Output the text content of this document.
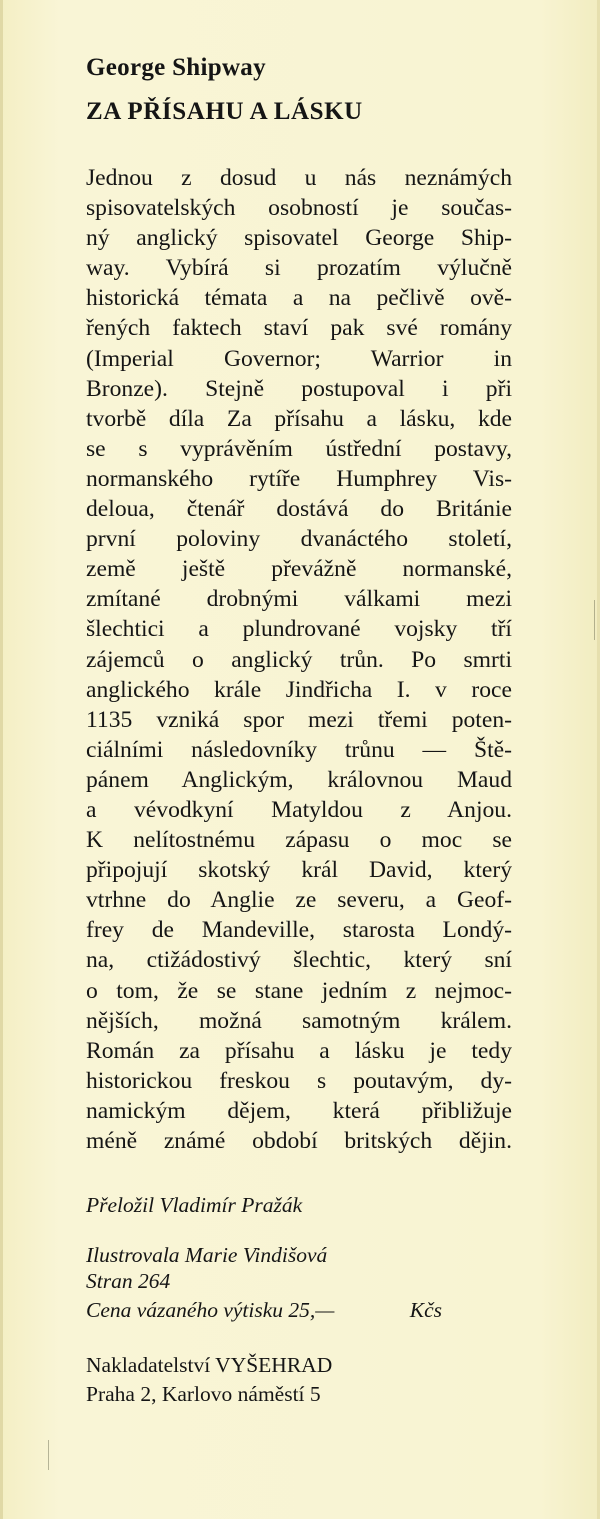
George Shipway
ZA PŘÍSAHU A LÁSKU
Jednou z dosud u nás neznámých
spisovatelských osobností je součas-
ný anglický spisovatel George Ship-
way. Vybírá si prozatím výlučně
historická témata a na pečlivě ově-
řených faktech staví pak své romány
(Imperial Governor; Warrior in
Bronze). Stejně postupoval i při
tvorbě díla Za přísahu a lásku, kde
se s vyprávěním ústřední postavy,
normanského rytíře Humphrey Vis-
deloua, čtenář dostává do Británie
první poloviny dvanáctého století,
země ještě převážně normanské,
zmítané drobnými válkami mezi
šlechtici a plundrované vojsky tří
zájemců o anglický trůn. Po smrti
anglického krále Jindřicha I. v roce
1135 vzniká spor mezi třemi poten-
ciálními následovníky trůnu — Ště-
pánem Anglickým, královnou Maud
a vévodkyní Matyldou z Anjou.
K nelítostnému zápasu o moc se
připojují skotský král David, který
vtrhne do Anglie ze severu, a Geof-
frey de Mandeville, starosta Londý-
na, ctižádostivý šlechtic, který sní
o tom, že se stane jedním z nejmoc-
nějších, možná samotným králem.
Román za přísahu a lásku je tedy
historickou freskou s poutavým, dy-
namickým dějem, která přibližuje
méně známé období britských dějin.
Přeložil Vladimír Pražák
Ilustrovala Marie Vindišová
Stran 264
Cena vázaného výtisku 25,—	Kčs
Nakladatelství VYŠEHRAD
Praha 2, Karlovo náměstí 5
